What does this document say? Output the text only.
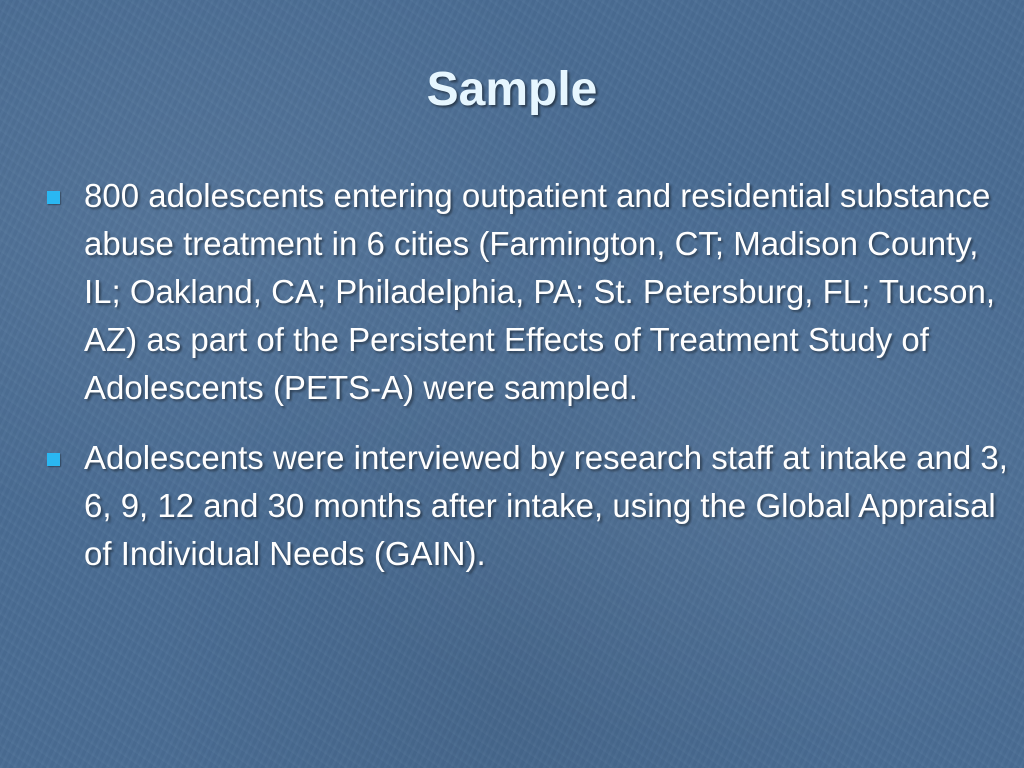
Sample
800 adolescents entering outpatient and residential substance abuse treatment in 6 cities (Farmington, CT; Madison County, IL; Oakland, CA; Philadelphia, PA; St. Petersburg, FL; Tucson, AZ) as part of the Persistent Effects of Treatment Study of Adolescents (PETS-A) were sampled.
Adolescents were interviewed by research staff at intake and 3, 6, 9, 12 and 30 months after intake, using the Global Appraisal of Individual Needs (GAIN).
